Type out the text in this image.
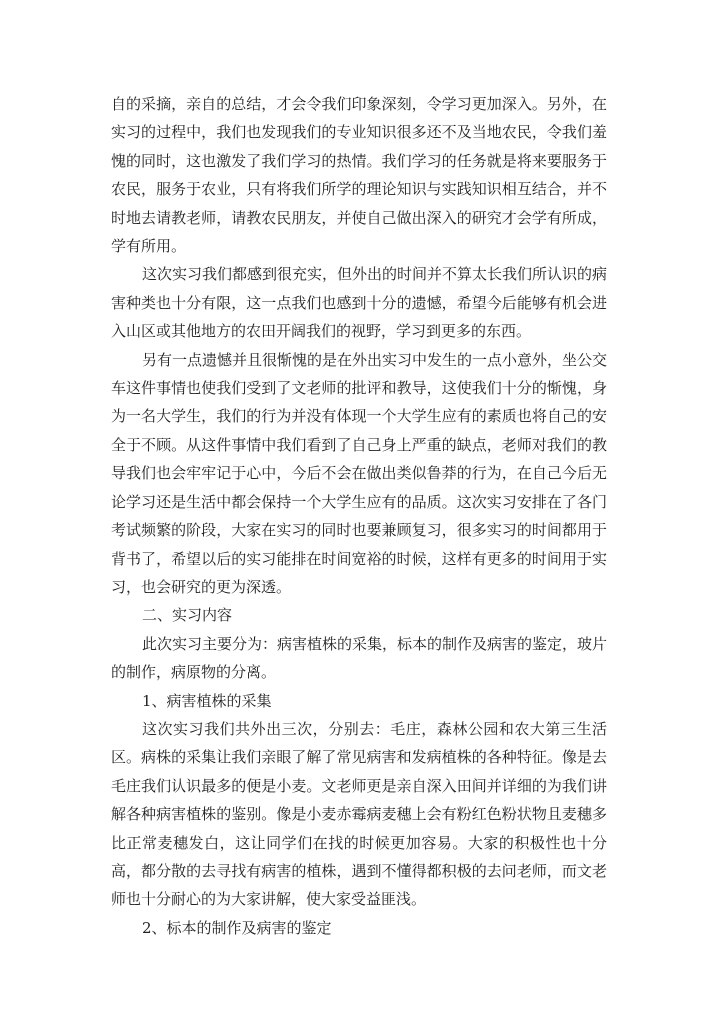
自的采摘，亲自的总结，才会令我们印象深刻，令学习更加深入。另外，在实习的过程中，我们也发现我们的专业知识很多还不及当地农民，令我们羞愧的同时，这也激发了我们学习的热情。我们学习的任务就是将来要服务于农民，服务于农业，只有将我们所学的理论知识与实践知识相互结合，并不时地去请教老师，请教农民朋友，并使自己做出深入的研究才会学有所成，学有所用。

这次实习我们都感到很充实，但外出的时间并不算太长我们所认识的病害种类也十分有限，这一点我们也感到十分的遗憾，希望今后能够有机会进入山区或其他地方的农田开阔我们的视野，学习到更多的东西。

另有一点遗憾并且很惭愧的是在外出实习中发生的一点小意外，坐公交车这件事情也使我们受到了文老师的批评和教导，这使我们十分的惭愧，身为一名大学生，我们的行为并没有体现一个大学生应有的素质也将自己的安全于不顾。从这件事情中我们看到了自己身上严重的缺点，老师对我们的教导我们也会牢牢记于心中，今后不会在做出类似鲁莽的行为，在自己今后无论学习还是生活中都会保持一个大学生应有的品质。这次实习安排在了各门考试频繁的阶段，大家在实习的同时也要兼顾复习，很多实习的时间都用于背书了，希望以后的实习能排在时间宽裕的时候，这样有更多的时间用于实习，也会研究的更为深透。

二、实习内容

此次实习主要分为：病害植株的采集，标本的制作及病害的鉴定，玻片的制作，病原物的分离。

1、病害植株的采集

这次实习我们共外出三次，分别去：毛庄，森林公园和农大第三生活区。病株的采集让我们亲眼了解了常见病害和发病植株的各种特征。像是去毛庄我们认识最多的便是小麦。文老师更是亲自深入田间并详细的为我们讲解各种病害植株的鉴别。像是小麦赤霉病麦穗上会有粉红色粉状物且麦穗多比正常麦穗发白，这让同学们在找的时候更加容易。大家的积极性也十分高，都分散的去寻找有病害的植株，遇到不懂得都积极的去问老师，而文老师也十分耐心的为大家讲解，使大家受益匪浅。

2、标本的制作及病害的鉴定
